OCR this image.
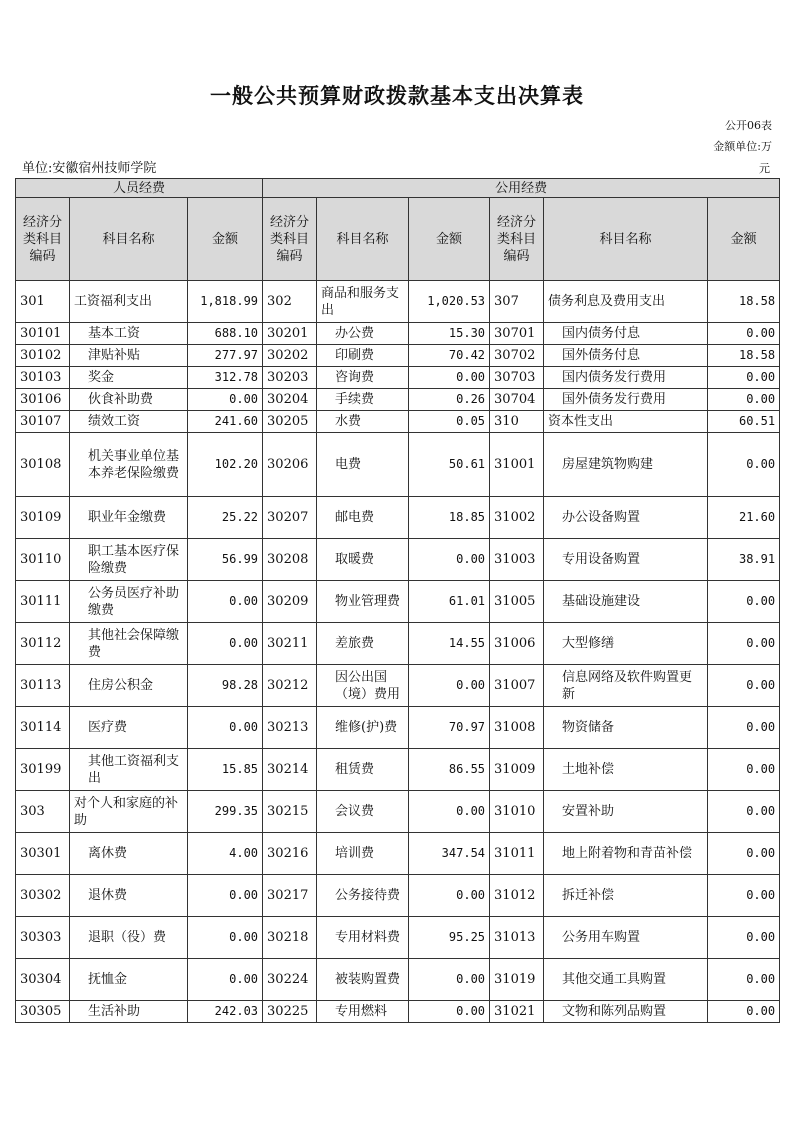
一般公共预算财政拨款基本支出决算表
公开06表
金额单位:万
元
单位:安徽宿州技师学院
人员经费			公用经费					
经济分类科目编码	科目名称	金额	经济分类科目编码	科目名称	金额	经济分类科目编码	科目名称	金额
301	工资福利支出	1,818.99	302	商品和服务支出	1,020.53	307	债务利息及费用支出	18.58
30101	基本工资	688.10	30201	办公费	15.30	30701	国内债务付息	0.00
30102	津贴补贴	277.97	30202	印刷费	70.42	30702	国外债务付息	18.58
30103	奖金	312.78	30203	咨询费	0.00	30703	国内债务发行费用	0.00
30106	伙食补助费	0.00	30204	手续费	0.26	30704	国外债务发行费用	0.00
30107	绩效工资	241.60	30205	水费	0.05	310	资本性支出	60.51
30108	机关事业单位基本养老保险缴费	102.20	30206	电费	50.61	31001	房屋建筑物购建	0.00
30109	职业年金缴费	25.22	30207	邮电费	18.85	31002	办公设备购置	21.60
30110	职工基本医疗保险缴费	56.99	30208	取暖费	0.00	31003	专用设备购置	38.91
30111	公务员医疗补助缴费	0.00	30209	物业管理费	61.01	31005	基础设施建设	0.00
30112	其他社会保障缴费	0.00	30211	差旅费	14.55	31006	大型修缮	0.00
30113	住房公积金	98.28	30212	因公出国（境）费用	0.00	31007	信息网络及软件购置更新	0.00
30114	医疗费	0.00	30213	维修(护)费	70.97	31008	物资储备	0.00
30199	其他工资福利支出	15.85	30214	租赁费	86.55	31009	土地补偿	0.00
303	对个人和家庭的补助	299.35	30215	会议费	0.00	31010	安置补助	0.00
30301	离休费	4.00	30216	培训费	347.54	31011	地上附着物和青苗补偿	0.00
30302	退休费	0.00	30217	公务接待费	0.00	31012	拆迁补偿	0.00
30303	退职（役）费	0.00	30218	专用材料费	95.25	31013	公务用车购置	0.00
30304	抚恤金	0.00	30224	被装购置费	0.00	31019	其他交通工具购置	0.00
30305	生活补助	242.03	30225	专用燃料	0.00	31021	文物和陈列品购置	0.00
